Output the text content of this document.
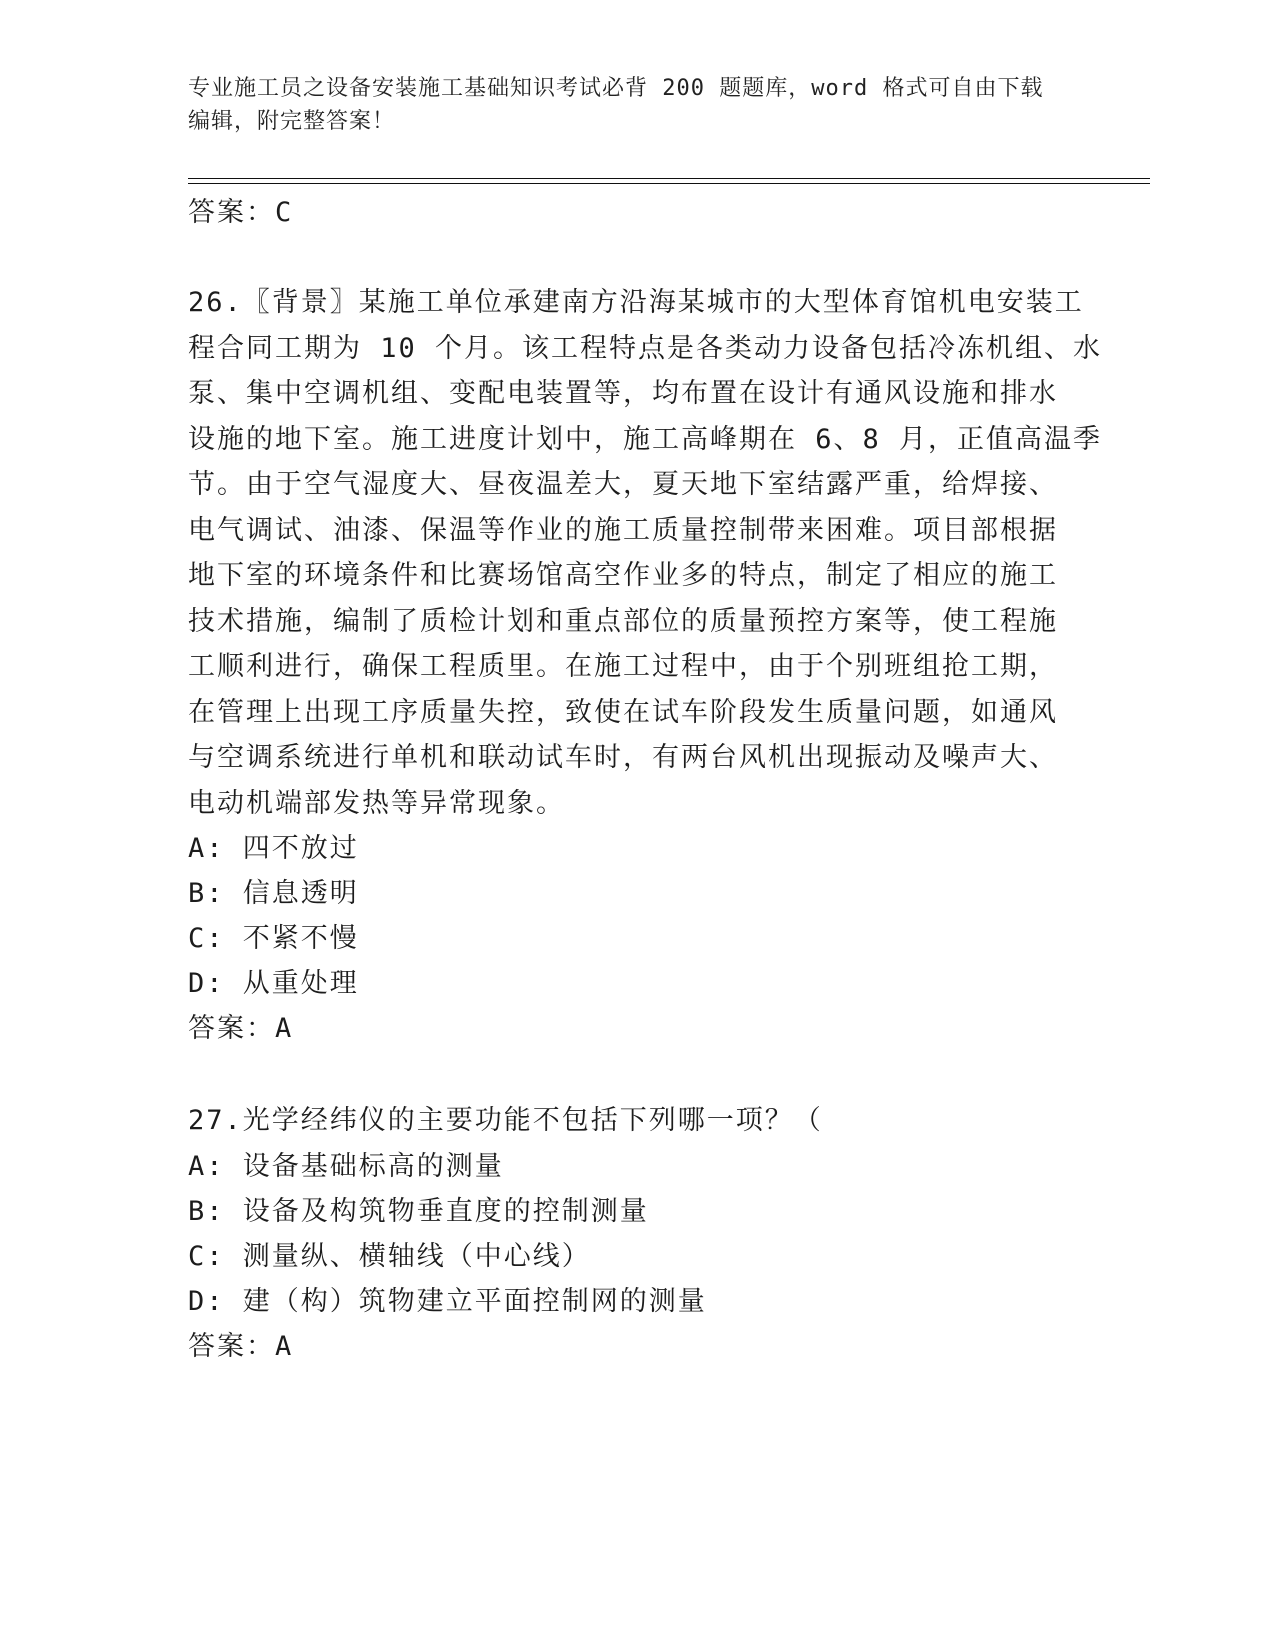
专业施工员之设备安装施工基础知识考试必背 200 题题库，word 格式可自由下载
编辑，附完整答案！
答案：C
26.〖背景〗某施工单位承建南方沿海某城市的大型体育馆机电安装工
程合同工期为 10 个月。该工程特点是各类动力设备包括冷冻机组、水
泵、集中空调机组、变配电装置等，均布置在设计有通风设施和排水
设施的地下室。施工进度计划中，施工高峰期在 6、8 月，正值高温季
节。由于空气湿度大、昼夜温差大，夏天地下室结露严重，给焊接、
电气调试、油漆、保温等作业的施工质量控制带来困难。项目部根据
地下室的环境条件和比赛场馆高空作业多的特点，制定了相应的施工
技术措施，编制了质检计划和重点部位的质量预控方案等，使工程施
工顺利进行，确保工程质里。在施工过程中，由于个别班组抢工期，
在管理上出现工序质量失控，致使在试车阶段发生质量问题，如通风
与空调系统进行单机和联动试车时，有两台风机出现振动及噪声大、
电动机端部发热等异常现象。
A: 四不放过
B: 信息透明
C: 不紧不慢
D: 从重处理
答案：A
27.光学经纬仪的主要功能不包括下列哪一项？（
A: 设备基础标高的测量
B: 设备及构筑物垂直度的控制测量
C: 测量纵、横轴线（中心线）
D: 建（构）筑物建立平面控制网的测量
答案：A
